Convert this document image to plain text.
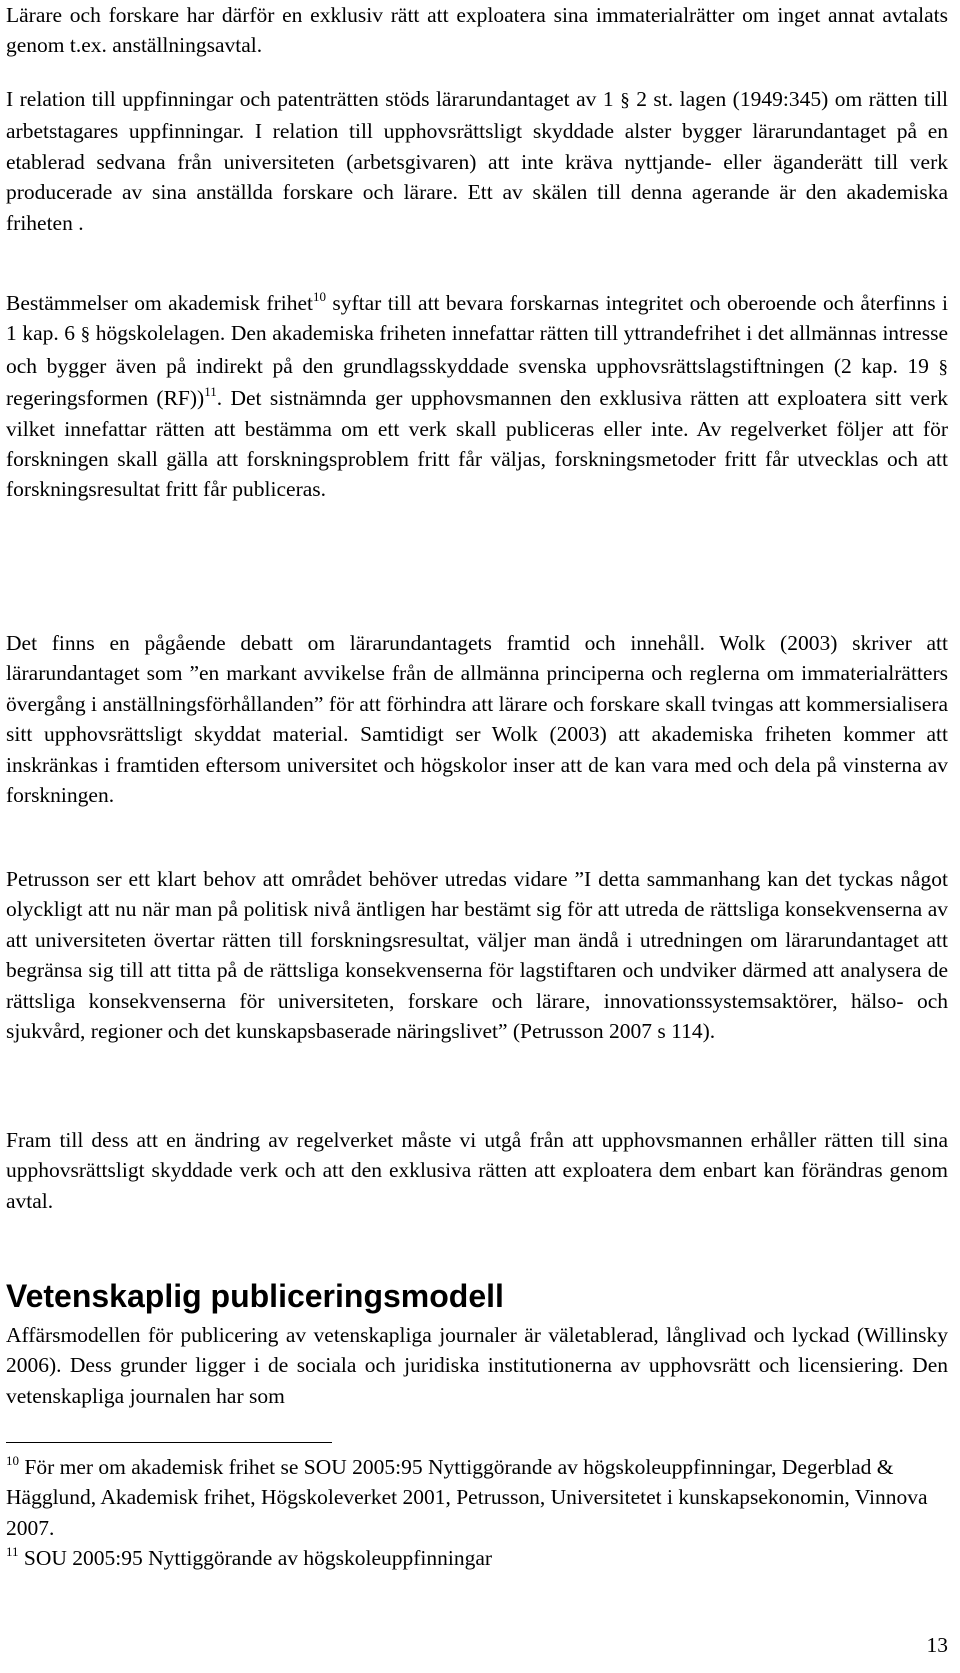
Lärare och forskare har därför en exklusiv rätt att exploatera sina immaterialrätter om inget annat avtalats genom t.ex. anställningsavtal.

I relation till uppfinningar och patenträtten stöds lärarundantaget av 1 § 2 st. lagen (1949:345) om rätten till arbetstagares uppfinningar. I relation till upphovsrättsligt skyddade alster bygger lärarundantaget på en etablerad sedvana från universiteten (arbetsgivaren) att inte kräva nyttjande- eller äganderätt till verk producerade av sina anställda forskare och lärare. Ett av skälen till denna agerande är den akademiska friheten .

Bestämmelser om akademisk frihet$^{10}$ syftar till att bevara forskarnas integritet och oberoende och återfinns i 1 kap. 6 § högskolelagen. Den akademiska friheten innefattar rätten till yttrandefrihet i det allmännas intresse och bygger även på indirekt på den grundlagsskyddade svenska upphovsrättslagstiftningen (2 kap. 19 § regeringsformen (RF))$^{11}$. Det sistnämnda ger upphovsmannen den exklusiva rätten att exploatera sitt verk vilket innefattar rätten att bestämma om ett verk skall publiceras eller inte. Av regelverket följer att för forskningen skall gälla att forskningsproblem fritt får väljas, forskningsmetoder fritt får utvecklas och att forskningsresultat fritt får publiceras.

Det finns en pågående debatt om lärarundantagets framtid och innehåll. Wolk (2003) skriver att lärarundantaget som ”en markant avvikelse från de allmänna principerna och reglerna om immaterialrätters övergång i anställningsförhållanden” för att förhindra att lärare och forskare skall tvingas att kommersialisera sitt upphovsrättsligt skyddat material. Samtidigt ser Wolk (2003) att akademiska friheten kommer att inskränkas i framtiden eftersom universitet och högskolor inser att de kan vara med och dela på vinsterna av forskningen.

Petrusson ser ett klart behov att området behöver utredas vidare ”I detta sammanhang kan det tyckas något olyckligt att nu när man på politisk nivå äntligen har bestämt sig för att utreda de rättsliga konsekvenserna av att universiteten övertar rätten till forskningsresultat, väljer man ändå i utredningen om lärarundantaget att begränsa sig till att titta på de rättsliga konsekvenserna för lagstiftaren och undviker därmed att analysera de rättsliga konsekvenserna för universiteten, forskare och lärare, innovationssystemsaktörer, hälso- och sjukvård, regioner och det kunskapsbaserade näringslivet” (Petrusson 2007 s 114).

Fram till dess att en ändring av regelverket måste vi utgå från att upphovsmannen erhåller rätten till sina upphovsrättsligt skyddade verk och att den exklusiva rätten att exploatera dem enbart kan förändras genom avtal.

Vetenskaplig publiceringsmodell

Affärsmodellen för publicering av vetenskapliga journaler är väletablerad, långlivad och lyckad (Willinsky 2006). Dess grunder ligger i de sociala och juridiska institutionerna av upphovsrätt och licensiering. Den vetenskapliga journalen har som

$^{10}$ För mer om akademisk frihet se SOU 2005:95 Nyttiggörande av högskoleuppfinningar, Degerblad & Hägglund, Akademisk frihet, Högskoleverket 2001, Petrusson, Universitetet i kunskapsekonomin, Vinnova 2007.

$^{11}$ SOU 2005:95 Nyttiggörande av högskoleuppfinningar

13
